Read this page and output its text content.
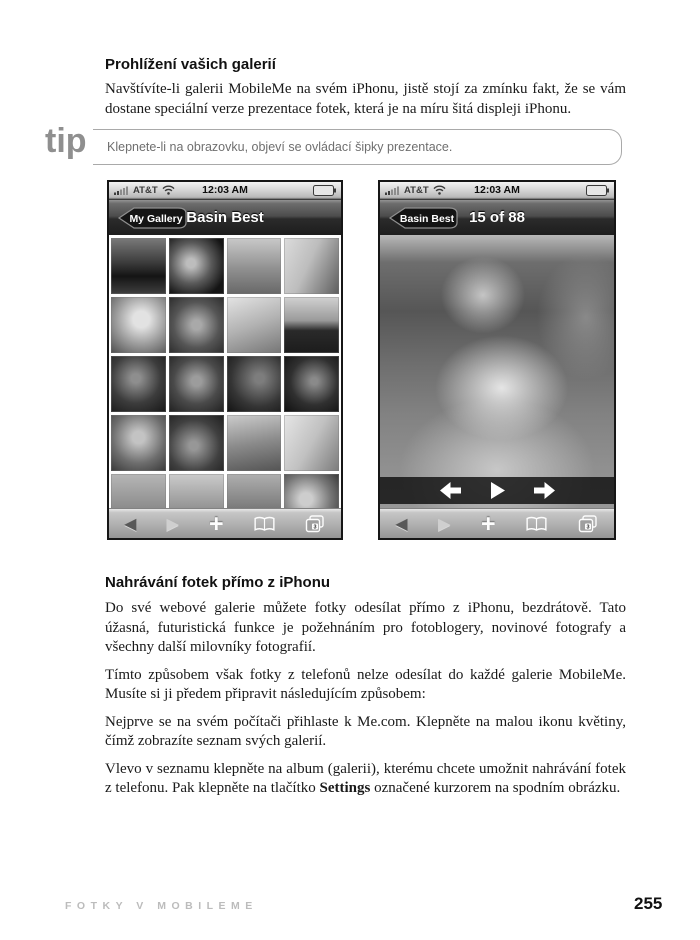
Prohlížení vašich galerií
Navštívíte-li galerii MobileMe na svém iPhonu, jistě stojí za zmínku fakt, že se vám dostane speciální verze prezentace fotek, která je na míru šitá displeji iPhonu.
tip Klepnete-li na obrazovku, objeví se ovládací šipky prezentace.
AT&T	12:03 AM
My Gallery Basin Best
◀ ▶ +	3
AT&T	12:03 AM
Basin Best 15 of 88
◀ ▶ +	3
Nahrávání fotek přímo z iPhonu

Do své webové galerie můžete fotky odesílat přímo z iPhonu, bezdrátově. Tato úžasná, futuristická funkce je požehnáním pro fotoblogery, novinové fotografy a všechny další milovníky fotografií.

Tímto způsobem však fotky z telefonů nelze odesílat do každé galerie MobileMe. Musíte si ji předem připravit následujícím způsobem:

Nejprve se na svém počítači přihlaste k Me.com. Klepněte na malou ikonu květiny, čímž zobrazíte seznam svých galerií.

Vlevo v seznamu klepněte na album (galerii), kterému chcete umožnit nahrávání fotek z telefonu. Pak klepněte na tlačítko Settings označené kurzorem na spodním obrázku.

FOTKY V MOBILEME	255
